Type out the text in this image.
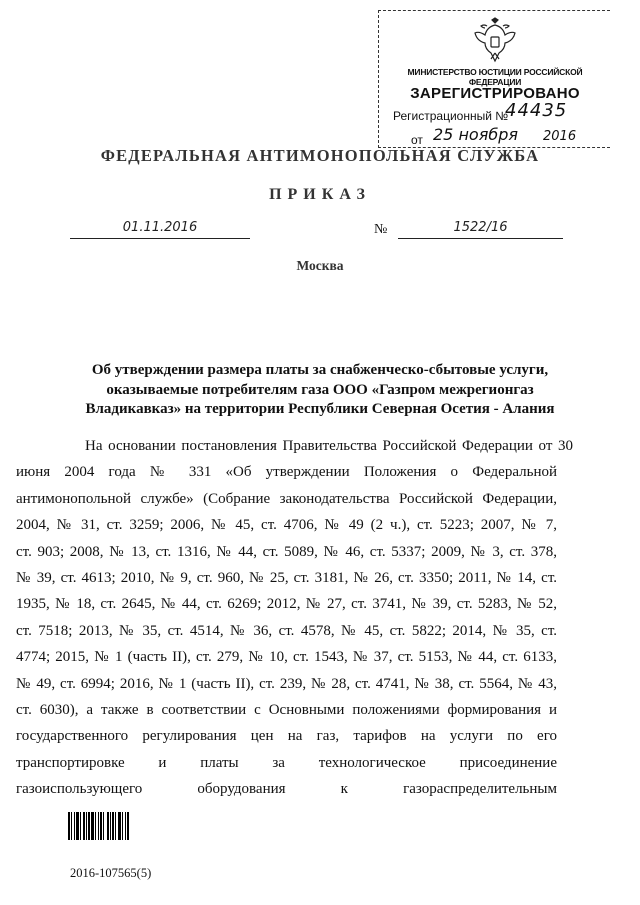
МИНИСТЕРСТВО ЮСТИЦИИ РОССИЙСКОЙ ФЕДЕРАЦИИ
ЗАРЕГИСТРИРОВАНО
Регистрационный №
44435
от 25 ноября 2016
ФЕДЕРАЛЬНАЯ АНТИМОНОПОЛЬНАЯ СЛУЖБА
ПРИКАЗ
01.11.2016	№	1522/16
Москва
Об утверждении размера платы за снабженческо-сбытовые услуги,
оказываемые потребителям газа ООО «Газпром межрегионгаз
Владикавказ» на территории Республики Северная Осетия - Алания
На основании постановления Правительства Российской Федерации от 30
июня 2004 года № 331 «Об утверждении Положения о Федеральной
антимонопольной службе» (Собрание законодательства Российской Федерации,
2004, № 31, ст. 3259; 2006, № 45, ст. 4706, № 49 (2 ч.), ст. 5223; 2007, № 7,
ст. 903; 2008, № 13, ст. 1316, № 44, ст. 5089, № 46, ст. 5337; 2009, № 3, ст. 378,
№ 39, ст. 4613; 2010, № 9, ст. 960, № 25, ст. 3181, № 26, ст. 3350; 2011, № 14, ст.
1935, № 18, ст. 2645, № 44, ст. 6269; 2012, № 27, ст. 3741, № 39, ст. 5283, № 52,
ст. 7518; 2013, № 35, ст. 4514, № 36, ст. 4578, № 45, ст. 5822; 2014, № 35, ст.
4774; 2015, № 1 (часть II), ст. 279, № 10, ст. 1543, № 37, ст. 5153, № 44, ст. 6133,
№ 49, ст. 6994; 2016, № 1 (часть II), ст. 239, № 28, ст. 4741, № 38, ст. 5564, № 43,
ст. 6030), а также в соответствии с Основными положениями формирования и
государственного регулирования цен на газ, тарифов на услуги по его
транспортировке и платы за технологическое присоединение
газоиспользующего оборудования к газораспределительным
2016-107565(5)
